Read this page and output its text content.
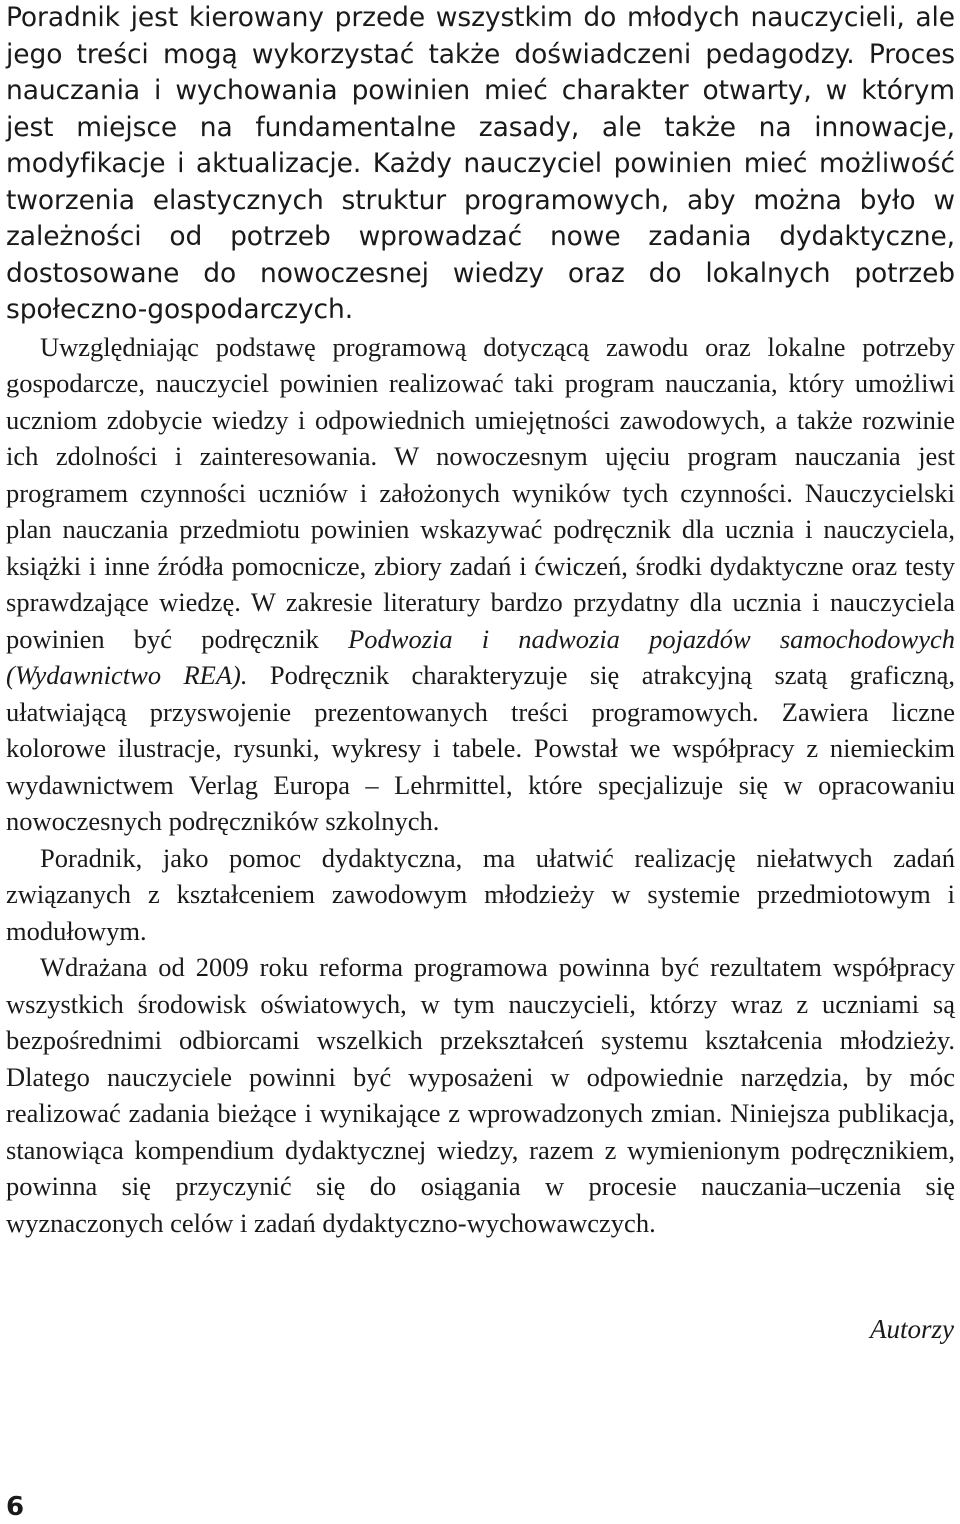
Poradnik jest kierowany przede wszystkim do młodych nauczycieli, ale jego treści mogą wykorzystać także doświadczeni pedagodzy. Proces nauczania i wychowania powinien mieć charakter otwarty, w którym jest miejsce na fundamentalne zasady, ale także na innowacje, modyfikacje i aktualizacje. Każdy nauczyciel powinien mieć możliwość tworzenia elastycznych struktur programowych, aby można było w zależności od potrzeb wprowadzać nowe zadania dydaktyczne, dostosowane do nowoczesnej wiedzy oraz do lokalnych potrzeb społeczno-gospodarczych.

Uwzględniając podstawę programową dotyczącą zawodu oraz lokalne potrzeby gospodarcze, nauczyciel powinien realizować taki program nauczania, który umożliwi uczniom zdobycie wiedzy i odpowiednich umiejętności zawodowych, a także rozwinie ich zdolności i zainteresowania. W nowoczesnym ujęciu program nauczania jest programem czynności uczniów i założonych wyników tych czynności. Nauczycielski plan nauczania przedmiotu powinien wskazywać podręcznik dla ucznia i nauczyciela, książki i inne źródła pomocnicze, zbiory zadań i ćwiczeń, środki dydaktyczne oraz testy sprawdzające wiedzę. W zakresie literatury bardzo przydatny dla ucznia i nauczyciela powinien być podręcznik Podwozia i nadwozia pojazdów samochodowych (Wydawnictwo REA). Podręcznik charakteryzuje się atrakcyjną szatą graficzną, ułatwiającą przyswojenie prezentowanych treści programowych. Zawiera liczne kolorowe ilustracje, rysunki, wykresy i tabele. Powstał we współpracy z niemieckim wydawnictwem Verlag Europa – Lehrmittel, które specjalizuje się w opracowaniu nowoczesnych podręczników szkolnych.

Poradnik, jako pomoc dydaktyczna, ma ułatwić realizację niełatwych zadań związanych z kształceniem zawodowym młodzieży w systemie przedmiotowym i modułowym.

Wdrażana od 2009 roku reforma programowa powinna być rezultatem współpracy wszystkich środowisk oświatowych, w tym nauczycieli, którzy wraz z uczniami są bezpośrednimi odbiorcami wszelkich przekształceń systemu kształcenia młodzieży. Dlatego nauczyciele powinni być wyposażeni w odpowiednie narzędzia, by móc realizować zadania bieżące i wynikające z wprowadzonych zmian. Niniejsza publikacja, stanowiąca kompendium dydaktycznej wiedzy, razem z wymienionym podręcznikiem, powinna się przyczynić się do osiągania w procesie nauczania–uczenia się wyznaczonych celów i zadań dydaktyczno-wychowawczych.

Autorzy

6
